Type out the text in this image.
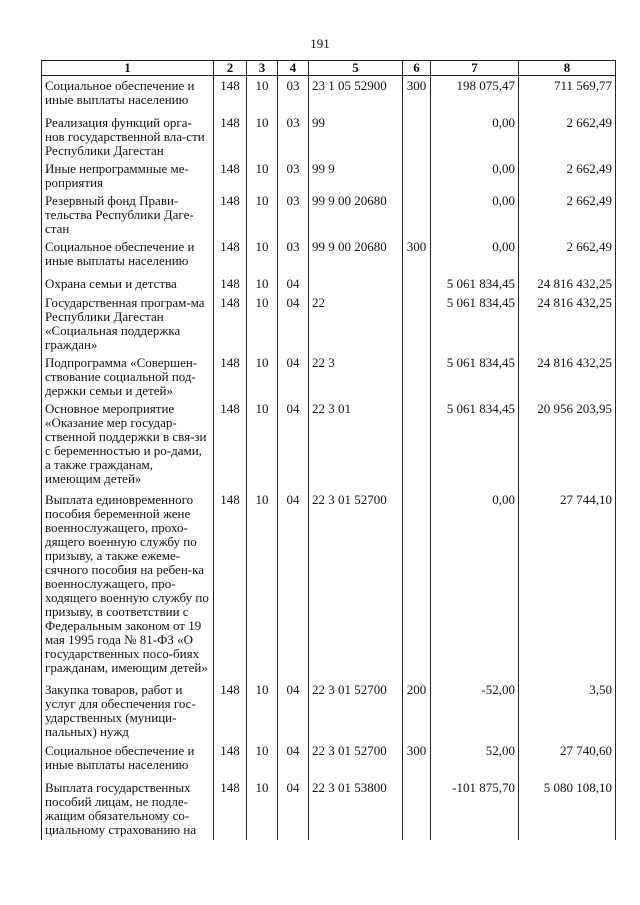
191
1	2	3	4	5	6	7	8
Социальное обеспечение и иные выплаты населению	148	10	03	23 1 05 52900	300	198 075,47	711 569,77
Реализация функций орга-нов государственной вла-сти Республики Дагестан	148	10	03	99		0,00	2 662,49
Иные непрограммные ме-роприятия	148	10	03	99 9		0,00	2 662,49
Резервный фонд Прави-тельства Республики Даге-стан	148	10	03	99 9 00 20680		0,00	2 662,49
Социальное обеспечение и иные выплаты населению	148	10	03	99 9 00 20680	300	0,00	2 662,49
Охрана семьи и детства	148	10	04			5 061 834,45	24 816 432,25
Государственная програм-ма Республики Дагестан «Социальная поддержка граждан»	148	10	04	22		5 061 834,45	24 816 432,25
Подпрограмма «Совершен-ствование социальной под-держки семьи и детей»	148	10	04	22 3		5 061 834,45	24 816 432,25
Основное мероприятие «Оказание мер государ-ственной поддержки в свя-зи с беременностью и ро-дами, а также гражданам, имеющим детей»	148	10	04	22 3 01		5 061 834,45	20 956 203,95
Выплата единовременного пособия беременной жене военнослужащего, прохо-дящего военную службу по призыву, а также ежеме-сячного пособия на ребен-ка военнослужащего, про-ходящего военную службу по призыву, в соответствии с Федеральным законом от 19 мая 1995 года № 81-ФЗ «О государственных посо-биях гражданам, имеющим детей»	148	10	04	22 3 01 52700		0,00	27 744,10
Закупка товаров, работ и услуг для обеспечения гос-ударственных (муници-пальных) нужд	148	10	04	22 3 01 52700	200	-52,00	3,50
Социальное обеспечение и иные выплаты населению	148	10	04	22 3 01 52700	300	52,00	27 740,60
Выплата государственных пособий лицам, не подле-жащим обязательному со-циальному страхованию на	148	10	04	22 3 01 53800		-101 875,70	5 080 108,10
